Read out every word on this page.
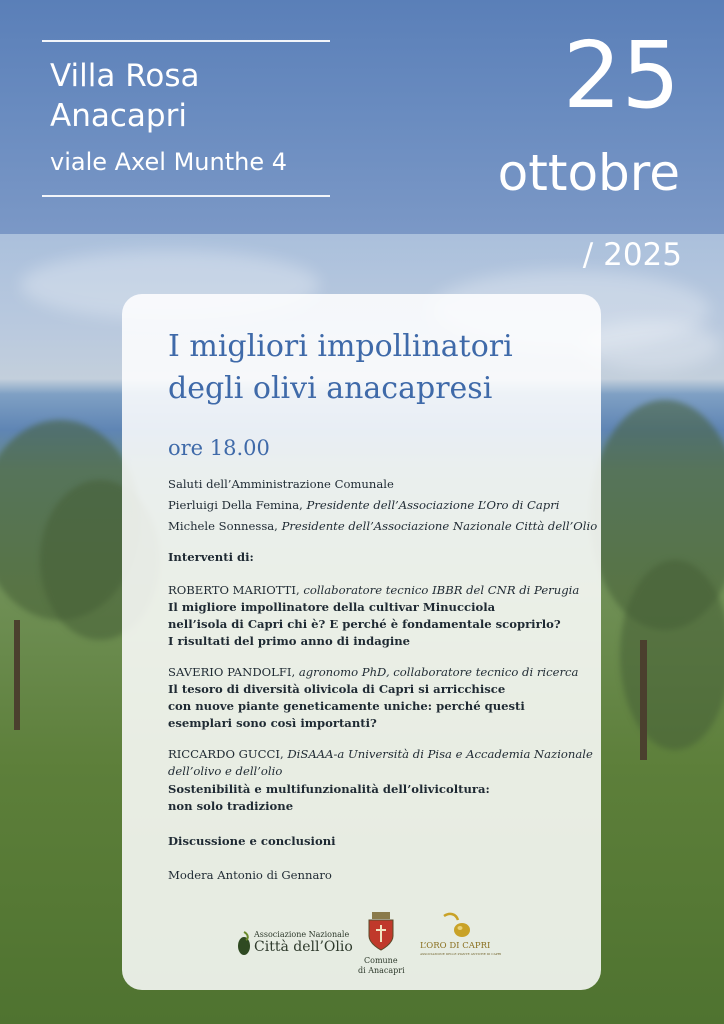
Villa Rosa
Anacapri
viale Axel Munthe 4
25
ottobre
/ 2025
I migliori impollinatori
degli olivi anacapresi
ore 18.00
Saluti dell’Amministrazione Comunale
Pierluigi Della Femina, Presidente dell’Associazione L’Oro di Capri
Michele Sonnessa, Presidente dell’Associazione Nazionale Città dell’Olio
Interventi di:
ROBERTO MARIOTTI, collaboratore tecnico IBBR del CNR di Perugia
Il migliore impollinatore della cultivar Minucciola
nell’isola di Capri chi è? E perché è fondamentale scoprirlo?
I risultati del primo anno di indagine
SAVERIO PANDOLFI, agronomo PhD, collaboratore tecnico di ricerca
Il tesoro di diversità olivicola di Capri si arricchisce
con nuove piante geneticamente uniche: perché questi
esemplari sono così importanti?
RICCARDO GUCCI, DiSAAA-a Università di Pisa e Accademia Nazionale
dell’olivo e dell’olio
Sostenibilità e multifunzionalità dell’olivicoltura:
non solo tradizione
Discussione e conclusioni
Modera Antonio di Gennaro
Associazione Nazionale
Città dell’Olio
Comune
di Anacapri
L’ORO DI CAPRI
ASSOCIAZIONE DELLE PIANTE ANTICHE DI CAPRI
